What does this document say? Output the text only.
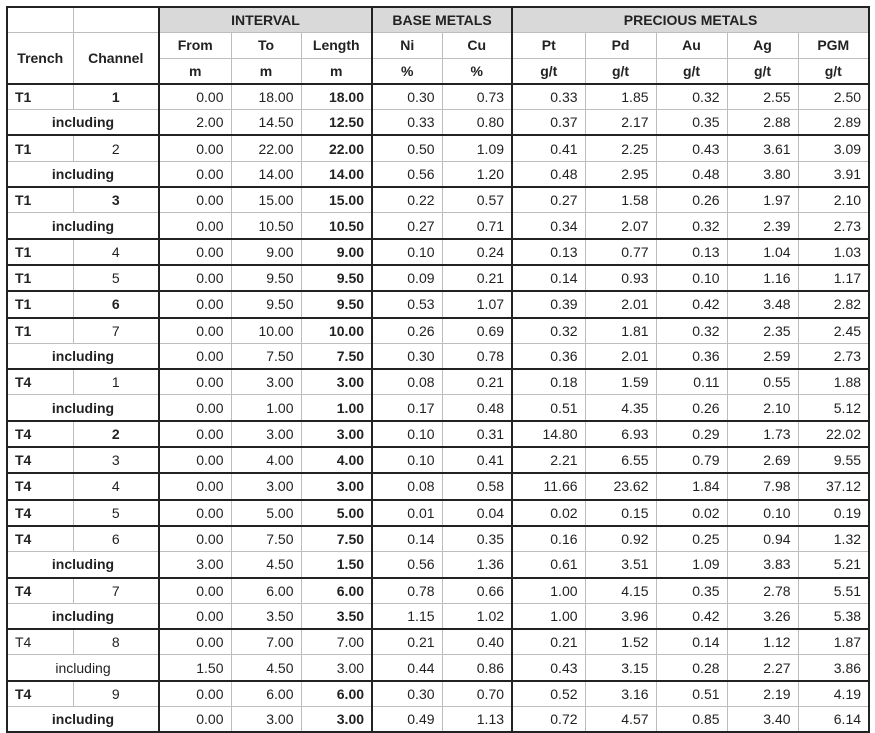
		INTERVAL			BASE METALS		PRECIOUS METALS				
Trench	Channel	From	To	Length	Ni	Cu	Pt	Pd	Au	Ag	PGM
		m	m	m	%	%	g/t	g/t	g/t	g/t	g/t
T1	1	0.00	18.00	18.00	0.30	0.73	0.33	1.85	0.32	2.55	2.50
including		2.00	14.50	12.50	0.33	0.80	0.37	2.17	0.35	2.88	2.89
T1	2	0.00	22.00	22.00	0.50	1.09	0.41	2.25	0.43	3.61	3.09
including		0.00	14.00	14.00	0.56	1.20	0.48	2.95	0.48	3.80	3.91
T1	3	0.00	15.00	15.00	0.22	0.57	0.27	1.58	0.26	1.97	2.10
including		0.00	10.50	10.50	0.27	0.71	0.34	2.07	0.32	2.39	2.73
T1	4	0.00	9.00	9.00	0.10	0.24	0.13	0.77	0.13	1.04	1.03
T1	5	0.00	9.50	9.50	0.09	0.21	0.14	0.93	0.10	1.16	1.17
T1	6	0.00	9.50	9.50	0.53	1.07	0.39	2.01	0.42	3.48	2.82
T1	7	0.00	10.00	10.00	0.26	0.69	0.32	1.81	0.32	2.35	2.45
including		0.00	7.50	7.50	0.30	0.78	0.36	2.01	0.36	2.59	2.73
T4	1	0.00	3.00	3.00	0.08	0.21	0.18	1.59	0.11	0.55	1.88
including		0.00	1.00	1.00	0.17	0.48	0.51	4.35	0.26	2.10	5.12
T4	2	0.00	3.00	3.00	0.10	0.31	14.80	6.93	0.29	1.73	22.02
T4	3	0.00	4.00	4.00	0.10	0.41	2.21	6.55	0.79	2.69	9.55
T4	4	0.00	3.00	3.00	0.08	0.58	11.66	23.62	1.84	7.98	37.12
T4	5	0.00	5.00	5.00	0.01	0.04	0.02	0.15	0.02	0.10	0.19
T4	6	0.00	7.50	7.50	0.14	0.35	0.16	0.92	0.25	0.94	1.32
including		3.00	4.50	1.50	0.56	1.36	0.61	3.51	1.09	3.83	5.21
T4	7	0.00	6.00	6.00	0.78	0.66	1.00	4.15	0.35	2.78	5.51
including		0.00	3.50	3.50	1.15	1.02	1.00	3.96	0.42	3.26	5.38
T4	8	0.00	7.00	7.00	0.21	0.40	0.21	1.52	0.14	1.12	1.87
including		1.50	4.50	3.00	0.44	0.86	0.43	3.15	0.28	2.27	3.86
T4	9	0.00	6.00	6.00	0.30	0.70	0.52	3.16	0.51	2.19	4.19
including		0.00	3.00	3.00	0.49	1.13	0.72	4.57	0.85	3.40	6.14
